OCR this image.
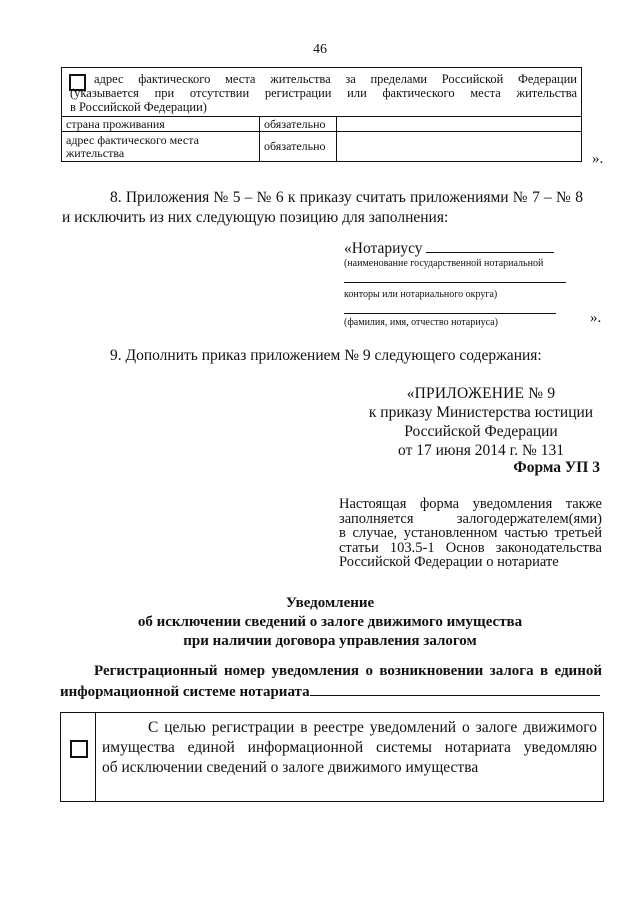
46
адрес фактического места жительства за пределами Российской Федерации
(указывается при отсутствии регистрации или фактического места жительства
в Российской Федерации)		

страна проживания	обязательно	

адрес фактического места
жительства	обязательно	
».
8. Приложения № 5 – № 6 к приказу считать приложениями № 7 – № 8
и исключить из них следующую позицию для заполнения:
«Нотариусу
(наименование государственной нотариальной
конторы или нотариального округа)
(фамилия, имя, отчество нотариуса)	».
9. Дополнить приказ приложением № 9 следующего содержания:
«ПРИЛОЖЕНИЕ № 9
к приказу Министерства юстиции
Российской Федерации
от 17 июня 2014 г. № 131
Форма УП 3
Настоящая форма уведомления также
заполняется залогодержателем(ями)
в случае, установленном частью третьей
статьи 103.5-1 Основ законодательства
Российской Федерации о нотариате
Уведомление
об исключении сведений о залоге движимого имущества
при наличии договора управления залогом
Регистрационный номер уведомления о возникновении залога в единой
информационной системе нотариата
С целью регистрации в реестре уведомлений о залоге движимого
имущества единой информационной системы нотариата уведомляю
об исключении сведений о залоге движимого имущества
